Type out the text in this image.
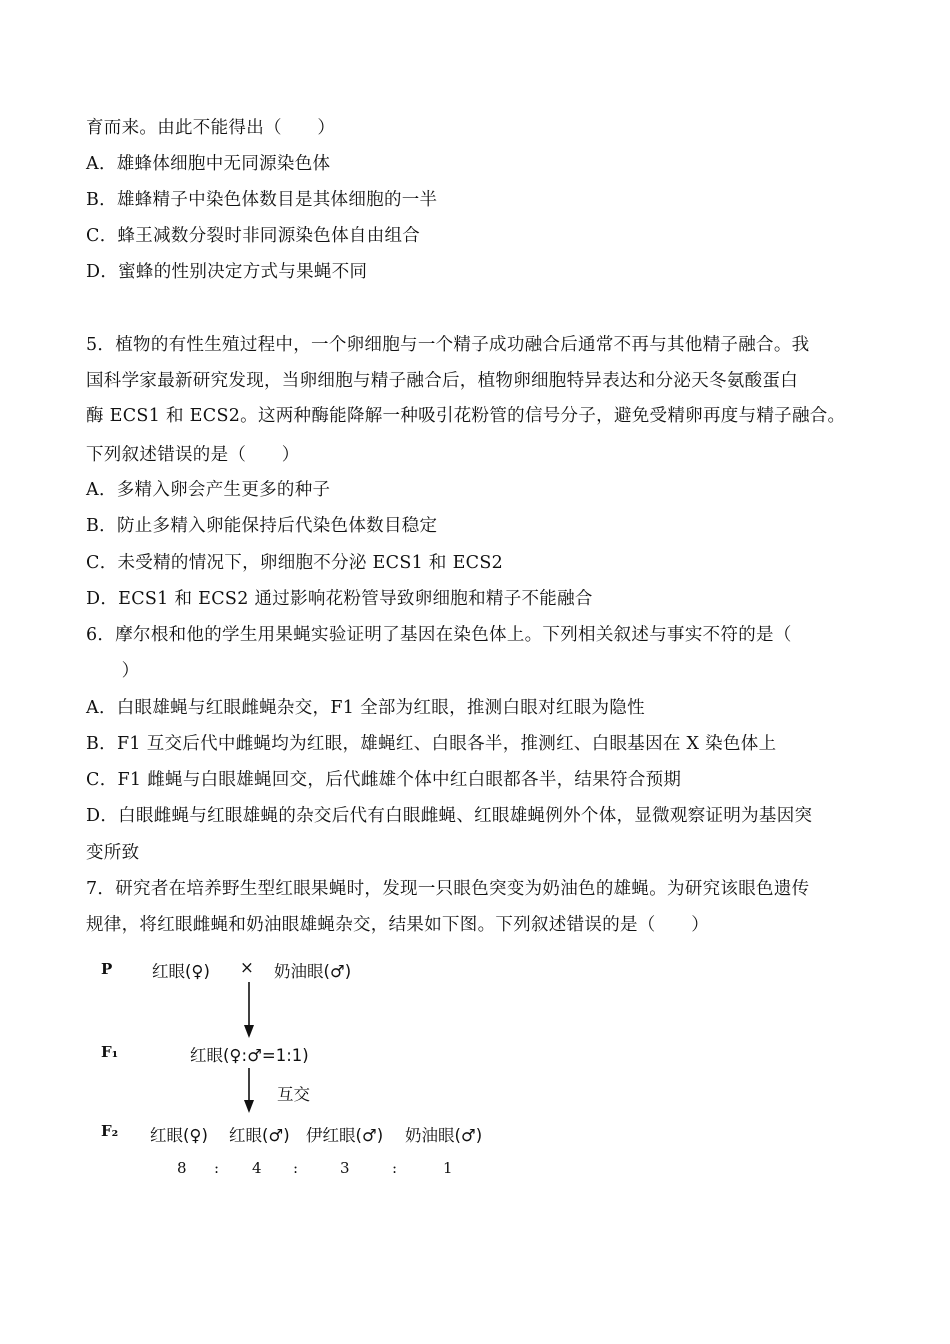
育而来。由此不能得出（　　）
A．雄蜂体细胞中无同源染色体
B．雄蜂精子中染色体数目是其体细胞的一半
C．蜂王减数分裂时非同源染色体自由组合
D．蜜蜂的性别决定方式与果蝇不同
5．植物的有性生殖过程中，一个卵细胞与一个精子成功融合后通常不再与其他精子融合。我
国科学家最新研究发现，当卵细胞与精子融合后，植物卵细胞特异表达和分泌天冬氨酸蛋白
酶 ECS1 和 ECS2。这两种酶能降解一种吸引花粉管的信号分子，避免受精卵再度与精子融合。
下列叙述错误的是（　　）
A．多精入卵会产生更多的种子
B．防止多精入卵能保持后代染色体数目稳定
C．未受精的情况下，卵细胞不分泌 ECS1 和 ECS2
D．ECS1 和 ECS2 通过影响花粉管导致卵细胞和精子不能融合
6．摩尔根和他的学生用果蝇实验证明了基因在染色体上。下列相关叙述与事实不符的是（
　　）
A．白眼雄蝇与红眼雌蝇杂交，F1 全部为红眼，推测白眼对红眼为隐性
B．F1 互交后代中雌蝇均为红眼，雄蝇红、白眼各半，推测红、白眼基因在 X 染色体上
C．F1 雌蝇与白眼雄蝇回交，后代雌雄个体中红白眼都各半，结果符合预期
D．白眼雌蝇与红眼雄蝇的杂交后代有白眼雌蝇、红眼雄蝇例外个体，显微观察证明为基因突
变所致
7．研究者在培养野生型红眼果蝇时，发现一只眼色突变为奶油色的雄蝇。为研究该眼色遗传
规律，将红眼雌蝇和奶油眼雄蝇杂交，结果如下图。下列叙述错误的是（　　）
P 红眼(♀) × 奶油眼(♂)
F₁	红眼(♀:♂=1:1)
互交
F₂ 红眼(♀) 红眼(♂) 伊红眼(♂) 奶油眼(♂)
8 : 4 :	3	:	1
